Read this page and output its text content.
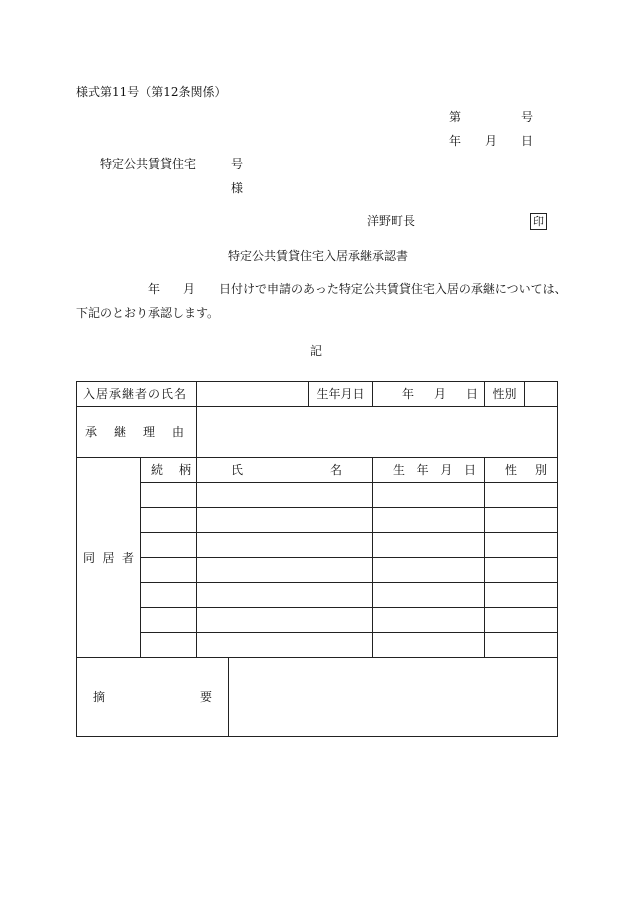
様式第11号（第12条関係）
第	号
年 月 日
特定公共賃貸住宅	号
様
洋野町長	印
特定公共賃貸住宅入居承継承認書
年 月 日付けで申請のあった特定公共賃貸住宅入居の承継については、
下記のとおり承認します。
記
入居承継者の氏名				生年月日	年 月 日	性別	

承 継 理 由							

同 居 者	続 柄	氏 名			生 年 月 日	性 別	

摘 要							
